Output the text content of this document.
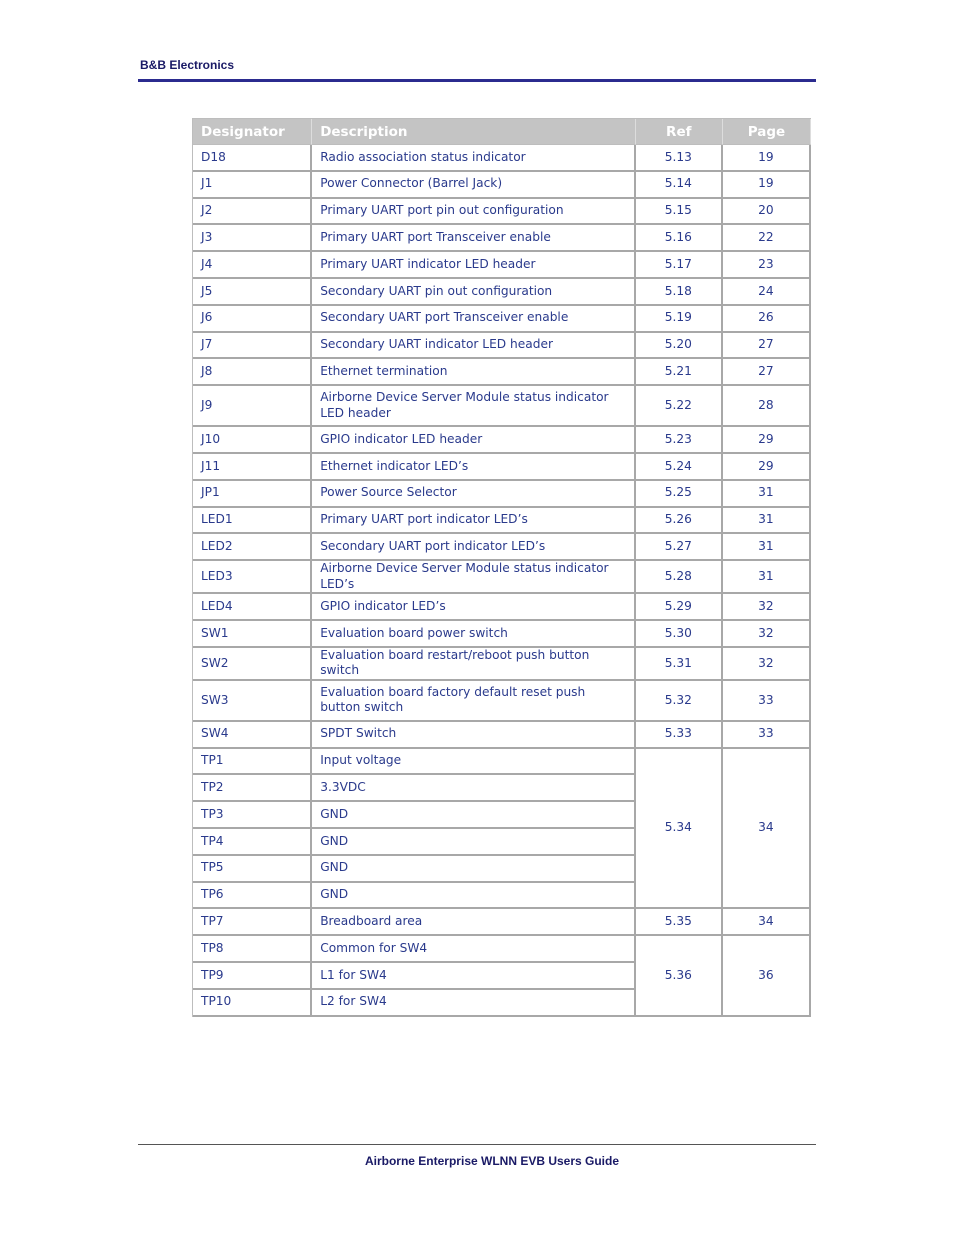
B&B Electronics
Designator	Description	Ref	Page
D18	Radio association status indicator	5.13	19
J1	Power Connector (Barrel Jack)	5.14	19
J2	Primary UART port pin out configuration	5.15	20
J3	Primary UART port Transceiver enable	5.16	22
J4	Primary UART indicator LED header	5.17	23
J5	Secondary UART pin out configuration	5.18	24
J6	Secondary UART port Transceiver enable	5.19	26
J7	Secondary UART indicator LED header	5.20	27
J8	Ethernet termination	5.21	27
J9	Airborne Device Server Module status indicator LED header	5.22	28
J10	GPIO indicator LED header	5.23	29
J11	Ethernet indicator LED’s	5.24	29
JP1	Power Source Selector	5.25	31
LED1	Primary UART port indicator LED’s	5.26	31
LED2	Secondary UART port indicator LED’s	5.27	31
LED3	Airborne Device Server Module status indicator LED’s	5.28	31
LED4	GPIO indicator LED’s	5.29	32
SW1	Evaluation board power switch	5.30	32
SW2	Evaluation board restart/reboot push button switch	5.31	32
SW3	Evaluation board factory default reset push button switch	5.32	33
SW4	SPDT Switch	5.33	33
TP1	Input voltage	5.34	34
TP2	3.3VDC		
TP3	GND		
TP4	GND		
TP5	GND		
TP6	GND		
TP7	Breadboard area	5.35	34
TP8	Common for SW4	5.36	36
TP9	L1 for SW4		
TP10	L2 for SW4		
Airborne Enterprise WLNN EVB Users Guide
